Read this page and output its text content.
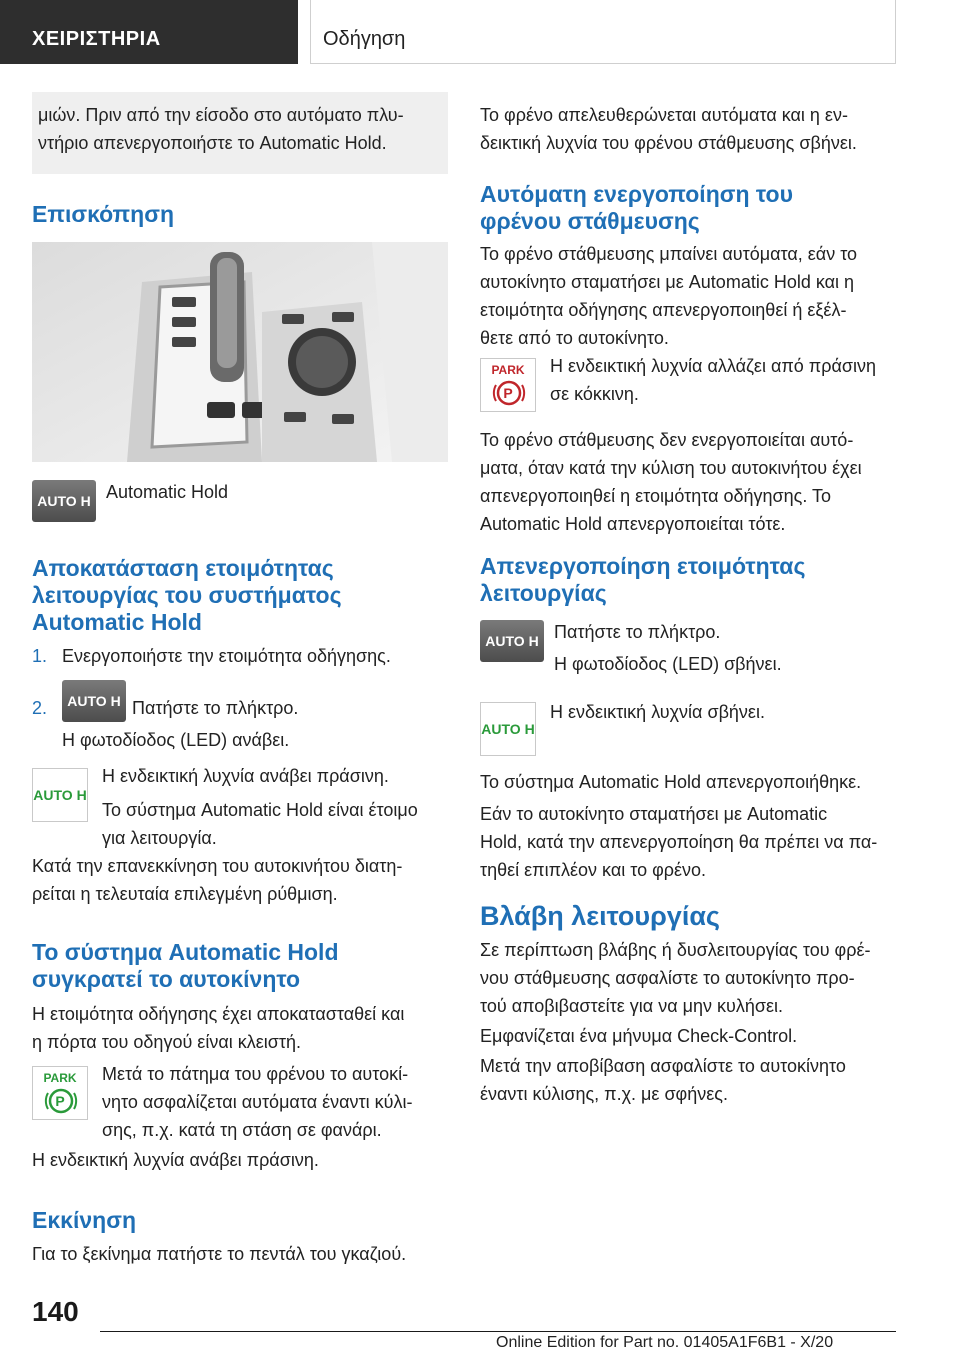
ΧΕΙΡΙΣΤΗΡΙΑ	Οδήγηση
μιών. Πριν από την είσοδο στο αυτόματο πλυ-
ντήριο απενεργοποιήστε το Automatic Hold.
Επισκόπηση
AUTO H Automatic Hold
Αποκατάσταση ετοιμότητας
λειτουργίας του συστήματος
Automatic Hold
1. Ενεργοποιήστε την ετοιμότητα οδήγησης.
2.	AUTO H Πατήστε το πλήκτρο.
Η φωτοδίοδος (LED) ανάβει.
AUTO H
Η ενδεικτική λυχνία ανάβει πράσινη.
Το σύστημα Automatic Hold είναι έτοιμο
για λειτουργία.
Κατά την επανεκκίνηση του αυτοκινήτου διατη-
ρείται η τελευταία επιλεγμένη ρύθμιση.
Το σύστημα Automatic Hold
συγκρατεί το αυτοκίνητο
Η ετοιμότητα οδήγησης έχει αποκατασταθεί και
η πόρτα του οδηγού είναι κλειστή.
PARK
P
Μετά το πάτημα του φρένου το αυτοκί-
νητο ασφαλίζεται αυτόματα έναντι κύλι-
σης, π.χ. κατά τη στάση σε φανάρι.
Η ενδεικτική λυχνία ανάβει πράσινη.
Εκκίνηση
Για το ξεκίνημα πατήστε το πεντάλ του γκαζιού.
Το φρένο απελευθερώνεται αυτόματα και η εν-
δεικτική λυχνία του φρένου στάθμευσης σβήνει.
Αυτόματη ενεργοποίηση του
φρένου στάθμευσης
Το φρένο στάθμευσης μπαίνει αυτόματα, εάν το
αυτοκίνητο σταματήσει με Automatic Hold και η
ετοιμότητα οδήγησης απενεργοποιηθεί ή εξέλ-
θετε από το αυτοκίνητο.
PARK
P
Η ενδεικτική λυχνία αλλάζει από πράσινη
σε κόκκινη.
Το φρένο στάθμευσης δεν ενεργοποιείται αυτό-
ματα, όταν κατά την κύλιση του αυτοκινήτου έχει
απενεργοποιηθεί η ετοιμότητα οδήγησης. Το
Automatic Hold απενεργοποιείται τότε.
Απενεργοποίηση ετοιμότητας
λειτουργίας
AUTO H Πατήστε το πλήκτρο.
Η φωτοδίοδος (LED) σβήνει.
AUTO H
Η ενδεικτική λυχνία σβήνει.
Το σύστημα Automatic Hold απενεργοποιήθηκε.
Εάν το αυτοκίνητο σταματήσει με Automatic
Hold, κατά την απενεργοποίηση θα πρέπει να πα-
τηθεί επιπλέον και το φρένο.
Βλάβη λειτουργίας
Σε περίπτωση βλάβης ή δυσλειτουργίας του φρέ-
νου στάθμευσης ασφαλίστε το αυτοκίνητο προ-
τού αποβιβαστείτε για να μην κυλήσει.
Εμφανίζεται ένα μήνυμα Check-Control.
Μετά την αποβίβαση ασφαλίστε το αυτοκίνητο
έναντι κύλισης, π.χ. με σφήνες.
140
Online Edition for Part no. 01405A1F6B1 - X/20
